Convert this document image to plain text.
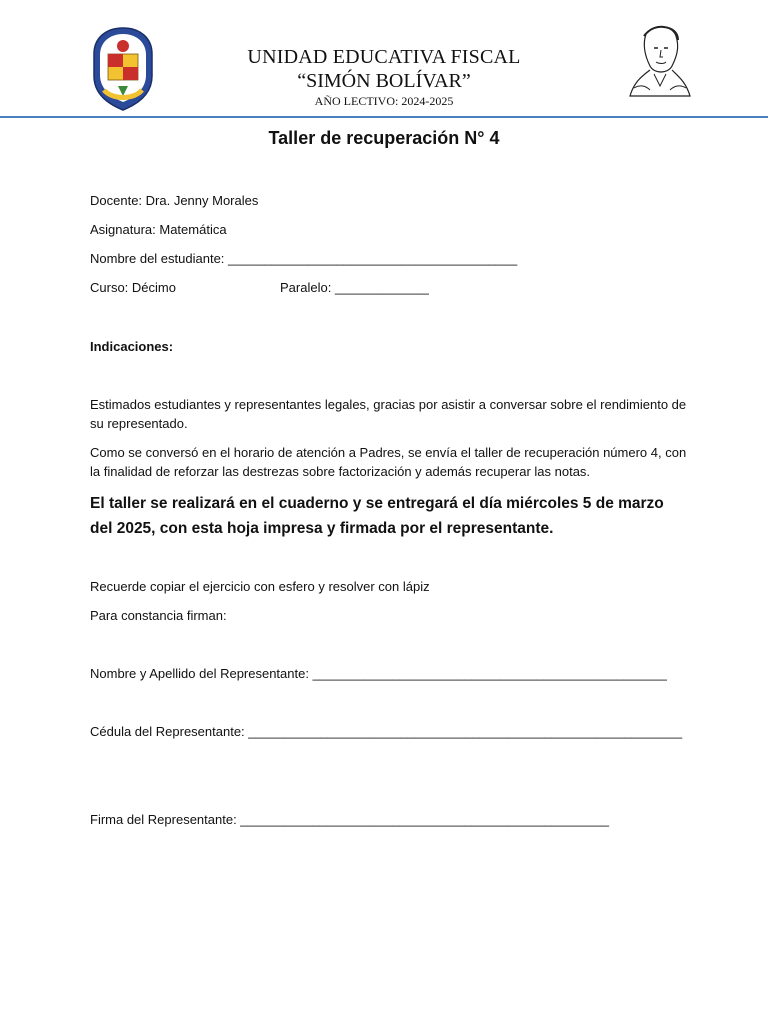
UNIDAD EDUCATIVA FISCAL
“SIMÓN BOLÍVAR”
AÑO LECTIVO: 2024-2025
Taller de recuperación N° 4
Docente: Dra. Jenny Morales
Asignatura: Matemática
Nombre del estudiante: ________________________________________
Curso: Décimo	Paralelo: _____________
Indicaciones:
Estimados estudiantes y representantes legales, gracias por asistir a conversar sobre el rendimiento de su representado.
Como se conversó en el horario de atención a Padres, se envía el taller de recuperación número 4, con la finalidad de reforzar las destrezas sobre factorización y además recuperar las notas.
El taller se realizará en el cuaderno y se entregará el día miércoles 5 de marzo del 2025, con esta hoja impresa y firmada por el representante.
Recuerde copiar el ejercicio con esfero y resolver con lápiz
Para constancia firman:
Nombre y Apellido del Representante: _________________________________________________
Cédula del Representante: ____________________________________________________________
Firma del Representante: ___________________________________________________
